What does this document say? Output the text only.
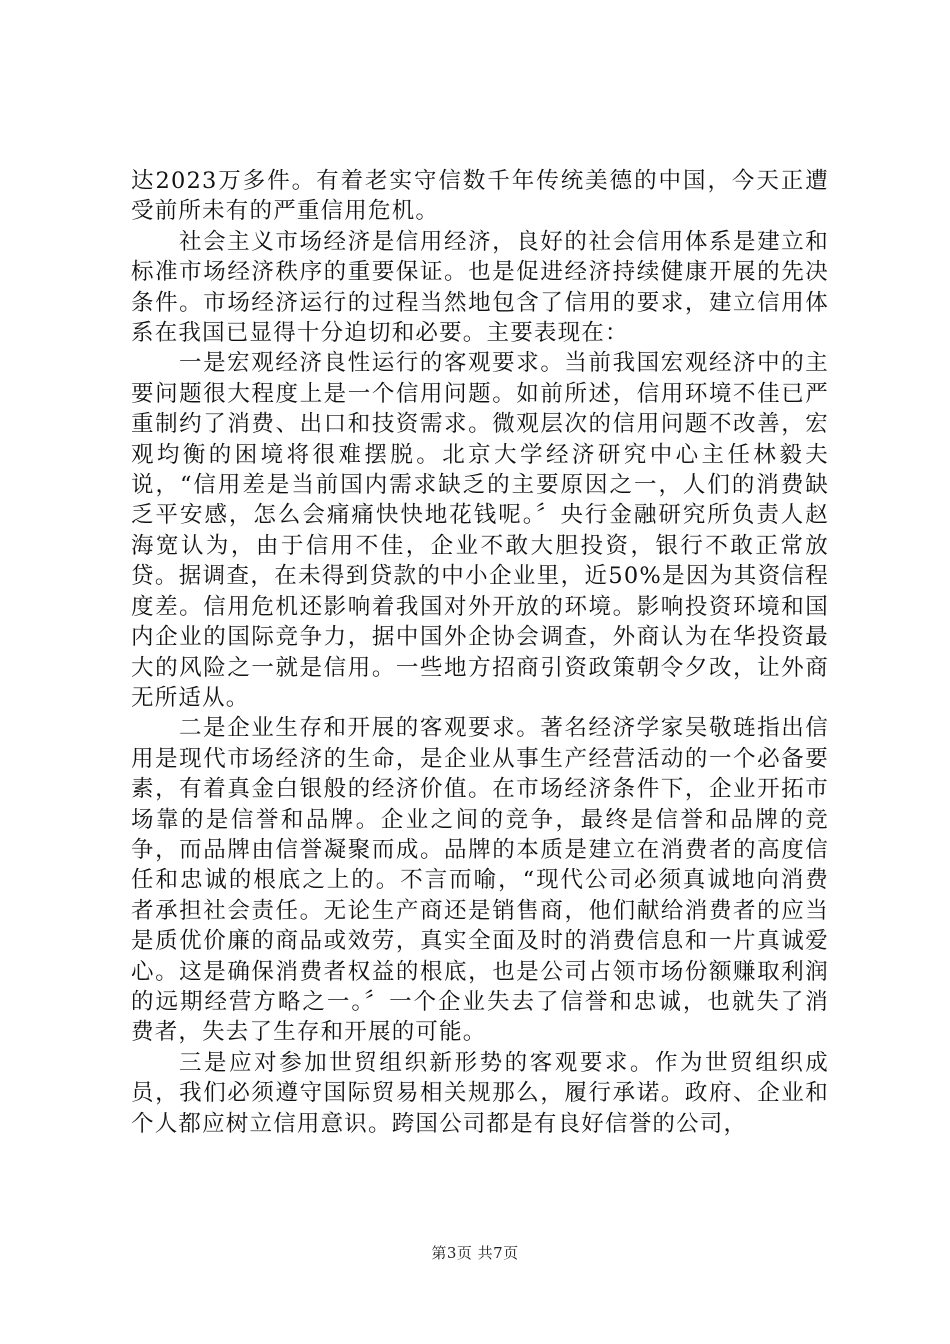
达2023万多件。有着老实守信数千年传统美德的中国，今天正遭受前所未有的严重信用危机。

社会主义市场经济是信用经济，良好的社会信用体系是建立和标准市场经济秩序的重要保证。也是促进经济持续健康开展的先决条件。市场经济运行的过程当然地包含了信用的要求，建立信用体系在我国已显得十分迫切和必要。主要表现在：

一是宏观经济良性运行的客观要求。当前我国宏观经济中的主要问题很大程度上是一个信用问题。如前所述，信用环境不佳已严重制约了消费、出口和技资需求。微观层次的信用问题不改善，宏观均衡的困境将很难摆脱。北京大学经济研究中心主任林毅夫说，“信用差是当前国内需求缺乏的主要原因之一，人们的消费缺乏平安感，怎么会痛痛快快地花钱呢。〞央行金融研究所负责人赵海宽认为，由于信用不佳，企业不敢大胆投资，银行不敢正常放贷。据调查，在未得到贷款的中小企业里，近50%是因为其资信程度差。信用危机还影响着我国对外开放的环境。影响投资环境和国内企业的国际竞争力，据中国外企协会调查，外商认为在华投资最大的风险之一就是信用。一些地方招商引资政策朝令夕改，让外商无所适从。

二是企业生存和开展的客观要求。著名经济学家吴敬琏指出信用是现代市场经济的生命，是企业从事生产经营活动的一个必备要素，有着真金白银般的经济价值。在市场经济条件下，企业开拓市场靠的是信誉和品牌。企业之间的竞争，最终是信誉和品牌的竞争，而品牌由信誉凝聚而成。品牌的本质是建立在消费者的高度信任和忠诚的根底之上的。不言而喻，“现代公司必须真诚地向消费者承担社会责任。无论生产商还是销售商，他们献给消费者的应当是质优价廉的商品或效劳，真实全面及时的消费信息和一片真诚爱心。这是确保消费者权益的根底，也是公司占领市场份额赚取利润的远期经营方略之一。〞一个企业失去了信誉和忠诚，也就失了消费者，失去了生存和开展的可能。

三是应对参加世贸组织新形势的客观要求。作为世贸组织成员，我们必须遵守国际贸易相关规那么，履行承诺。政府、企业和个人都应树立信用意识。跨国公司都是有良好信誉的公司，

第3页 共7页
